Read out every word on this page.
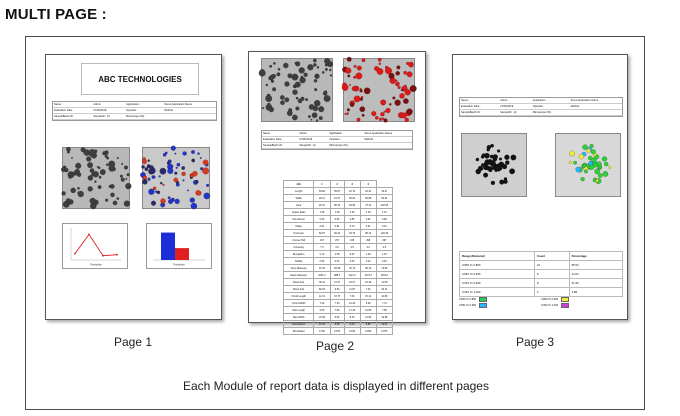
MULTI PAGE :
ABC TECHNOLOGIES
Name :	Admin	Application :	Some Application Name
Evaluation Date :	27/06/2019	Operator :	Method
SampleBatch ID :	SampleID : 12	Microscope Obj :	
Particles	Particles
Name :	Admin	Application :	Some Application Name
Evaluation Date :	27/06/2019	Operator :	Method
SampleBatch ID :	SampleID : 12	Microscope Obj :	
Attr	1	2	3	4	
Length	83.82	55.87	10.76	22.34	33.47
Width	26.14	15.47	60.93	60.88	60.61
Area	45.47	88.43	83.55	73.13	402.68
Aspect Ratio	1.48	1.48	1.56	1.48	1.41
Roundness	0.60	0.82	0.85	0.62	0.80
Shape	0.61	0.81	0.76	0.51	0.61
Perimeter	82.87	66.42	63.76	88.14	103.46
Convex Hull	107	267	236	298	297
Convexity	7.5	0.6	4.5	4.6	4.5
Elongation	0.12	1.38	0.63	1.28	1.63
Solidity	0.52	0.63	0.63	0.42	0.63
Feret Diameter	21.34	28.38	22.73	28.12	13.80
Equiv Diameter	1051.3	988.3	1121.3	1073.3	1152.6
Mean Axis	38.41	21.37	22.47	22.39	11.58
Minor Axis	60.18	6.80	11.87	7.34	26.14
Chord Length	12.31	16.75	7.46	15.12	14.89
Chord Width	7.22	7.54	10.24	6.08	7.74
Max Length	6.80	7.82	17.34	21.86	7.85
Max Width	15.68	6.80	8.26	12.89	19.88
Max Radius	11.45	6.86	2.04	6.85	12.61
Min Radius	0.760	0.873	0.931	0.956	0.876
Name :	Admin	Application :	Some Application Name
Evaluation Date :	27/06/2019	Operator :	Method
SampleBatch ID :	SampleID : 12	Microscope Obj :	
Range (Diameter)	Count	Percentage
0.850 To 0.850	24	58.54
0.851 To 0.950	6	14.63
0.951 To 0.950	9	21.95
0.951 To 1.000	2	4.88
0.850 To 0.850	0.850 To 0.9500.851 To 0.950	0.950 To 1.000
Page 1	Page 2	Page 3
Each Module of report data is displayed in different pages
